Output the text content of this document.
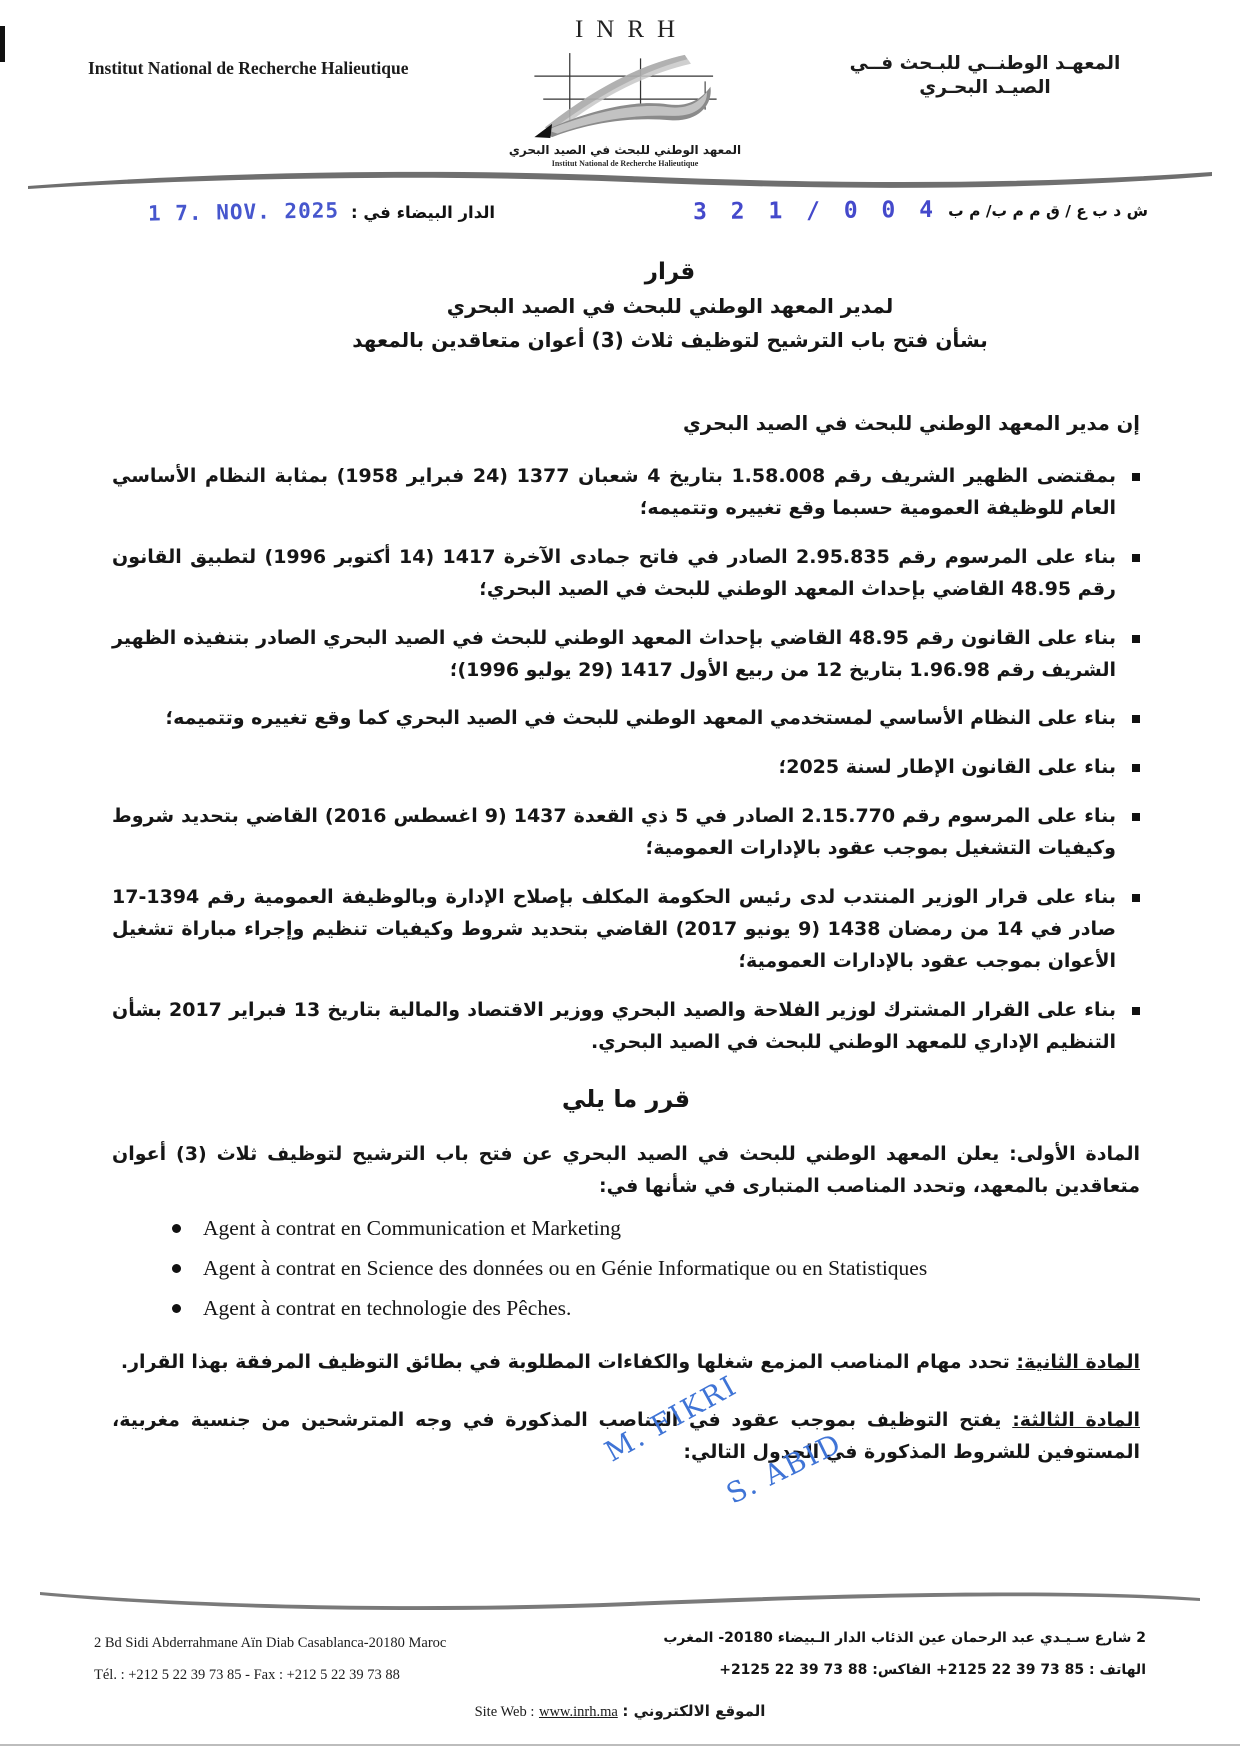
Institut National de Recherche Halieutique
INRH
المعهد الوطني للبحث في الصيد البحري
Institut National de Recherche Halieutique
المعهـد الوطنــي للبـحث فــي الصيـد البحـري
1 7. NOV. 2025 الدار البيضاء في :	ش د ب ع / ق م م ب/ م ب
3 2 1 / 0 0 4
قرار
لمدير المعهد الوطني للبحث في الصيد البحري
بشأن فتح باب الترشيح لتوظيف ثلاث (3) أعوان متعاقدين بالمعهد
إن مدير المعهد الوطني للبحث في الصيد البحري
بمقتضى الظهير الشريف رقم 1.58.008 بتاريخ 4 شعبان 1377 (24 فبراير 1958) بمثابة النظام الأساسي العام للوظيفة العمومية حسبما وقع تغييره وتتميمه؛
بناء على المرسوم رقم 2.95.835 الصادر في فاتح جمادى الآخرة 1417 (14 أكتوبر 1996) لتطبيق القانون رقم 48.95 القاضي بإحداث المعهد الوطني للبحث في الصيد البحري؛
بناء على القانون رقم 48.95 القاضي بإحداث المعهد الوطني للبحث في الصيد البحري الصادر بتنفيذه الظهير الشريف رقم 1.96.98 بتاريخ 12 من ربيع الأول 1417 (29 يوليو 1996)؛
بناء على النظام الأساسي لمستخدمي المعهد الوطني للبحث في الصيد البحري كما وقع تغييره وتتميمه؛
بناء على القانون الإطار لسنة 2025؛
بناء على المرسوم رقم 2.15.770 الصادر في 5 ذي القعدة 1437 (9 اغسطس 2016) القاضي بتحديد شروط وكيفيات التشغيل بموجب عقود بالإدارات العمومية؛
بناء على قرار الوزير المنتدب لدى رئيس الحكومة المكلف بإصلاح الإدارة وبالوظيفة العمومية رقم 1394-17 صادر في 14 من رمضان 1438 (9 يونيو 2017) القاضي بتحديد شروط وكيفيات تنظيم وإجراء مباراة تشغيل الأعوان بموجب عقود بالإدارات العمومية؛
بناء على القرار المشترك لوزير الفلاحة والصيد البحري ووزير الاقتصاد والمالية بتاريخ 13 فبراير 2017 بشأن التنظيم الإداري للمعهد الوطني للبحث في الصيد البحري.
قرر ما يلي
المادة الأولى: يعلن المعهد الوطني للبحث في الصيد البحري عن فتح باب الترشيح لتوظيف ثلاث (3) أعوان متعاقدين بالمعهد، وتحدد المناصب المتبارى في شأنها في:
Agent à contrat en Communication et Marketing
Agent à contrat en Science des données ou en Génie Informatique ou en Statistiques
Agent à contrat en technologie des Pêches.
المادة الثانية: تحدد مهام المناصب المزمع شغلها والكفاءات المطلوبة في بطائق التوظيف المرفقة بهذا القرار.
المادة الثالثة: يفتح التوظيف بموجب عقود في المناصب المذكورة في وجه المترشحين من جنسية مغربية، المستوفين للشروط المذكورة في الجدول التالي:
M. FIKRI
S. ABID
2 Bd Sidi Abderrahmane Aïn Diab Casablanca-20180 Maroc
Tél. : +212 5 22 39 73 85 - Fax : +212 5 22 39 73 88
2 شارع سـيـدي عبد الرحمان عين الذئاب الدار الـبيضاء 20180- المغرب
الهاتف : 85 73 39 22 2125+ الفاكس: 88 73 39 22 2125+
Site Web : www.inrh.ma : الموقع الالكتروني
